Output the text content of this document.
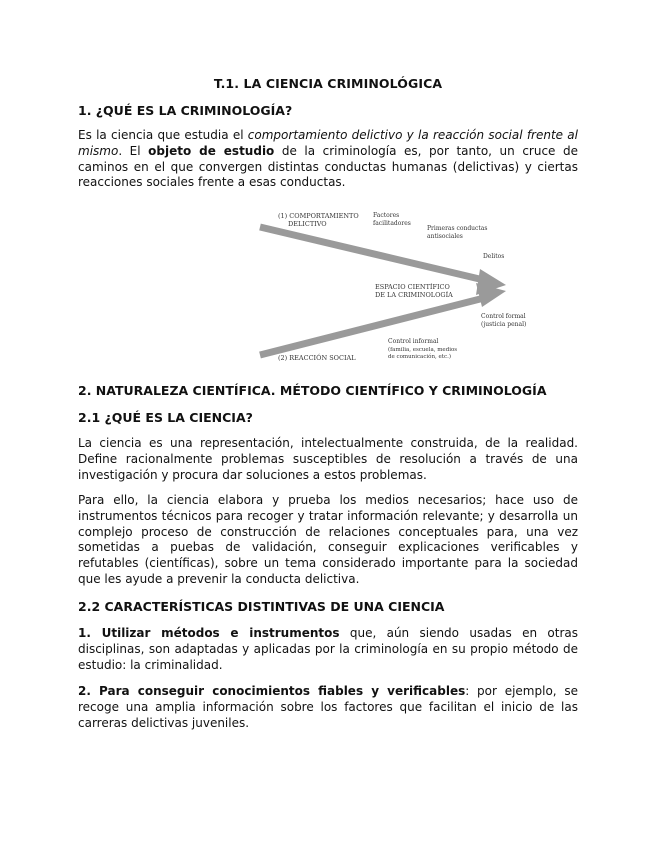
T.1. LA CIENCIA CRIMINOLÓGICA
1. ¿QUÉ ES LA CRIMINOLOGÍA?
Es la ciencia que estudia el comportamiento delictivo y la reacción social frente al mismo. El objeto de estudio de la criminología es, por tanto, un cruce de caminos en el que convergen distintas conductas humanas (delictivas) y ciertas reacciones sociales frente a esas conductas.
(1) COMPORTAMIENTO
DELICTIVO
Factores
facilitadores
Primeras conductas
antisociales
Delitos
ESPACIO CIENTÍFICO
DE LA CRIMINOLOGÍA
Control formal
(justicia penal)
Control informal
(familia, escuela, medios
de comunicación, etc.)
(2) REACCIÓN SOCIAL
2. NATURALEZA CIENTÍFICA. MÉTODO CIENTÍFICO Y CRIMINOLOGÍA
2.1 ¿QUÉ ES LA CIENCIA?
La ciencia es una representación, intelectualmente construida, de la realidad. Define racionalmente problemas susceptibles de resolución a través de una investigación y procura dar soluciones a estos problemas.
Para ello, la ciencia elabora y prueba los medios necesarios; hace uso de instrumentos técnicos para recoger y tratar información relevante; y desarrolla un complejo proceso de construcción de relaciones conceptuales para, una vez sometidas a puebas de validación, conseguir explicaciones verificables y refutables (científicas), sobre un tema considerado importante para la sociedad que les ayude a prevenir la conducta delictiva.
2.2 CARACTERÍSTICAS DISTINTIVAS DE UNA CIENCIA
1. Utilizar métodos e instrumentos que, aún siendo usadas en otras disciplinas, son adaptadas y aplicadas por la criminología en su propio método de estudio: la criminalidad.
2. Para conseguir conocimientos fiables y verificables: por ejemplo, se recoge una amplia información sobre los factores que facilitan el inicio de las carreras delictivas juveniles.
